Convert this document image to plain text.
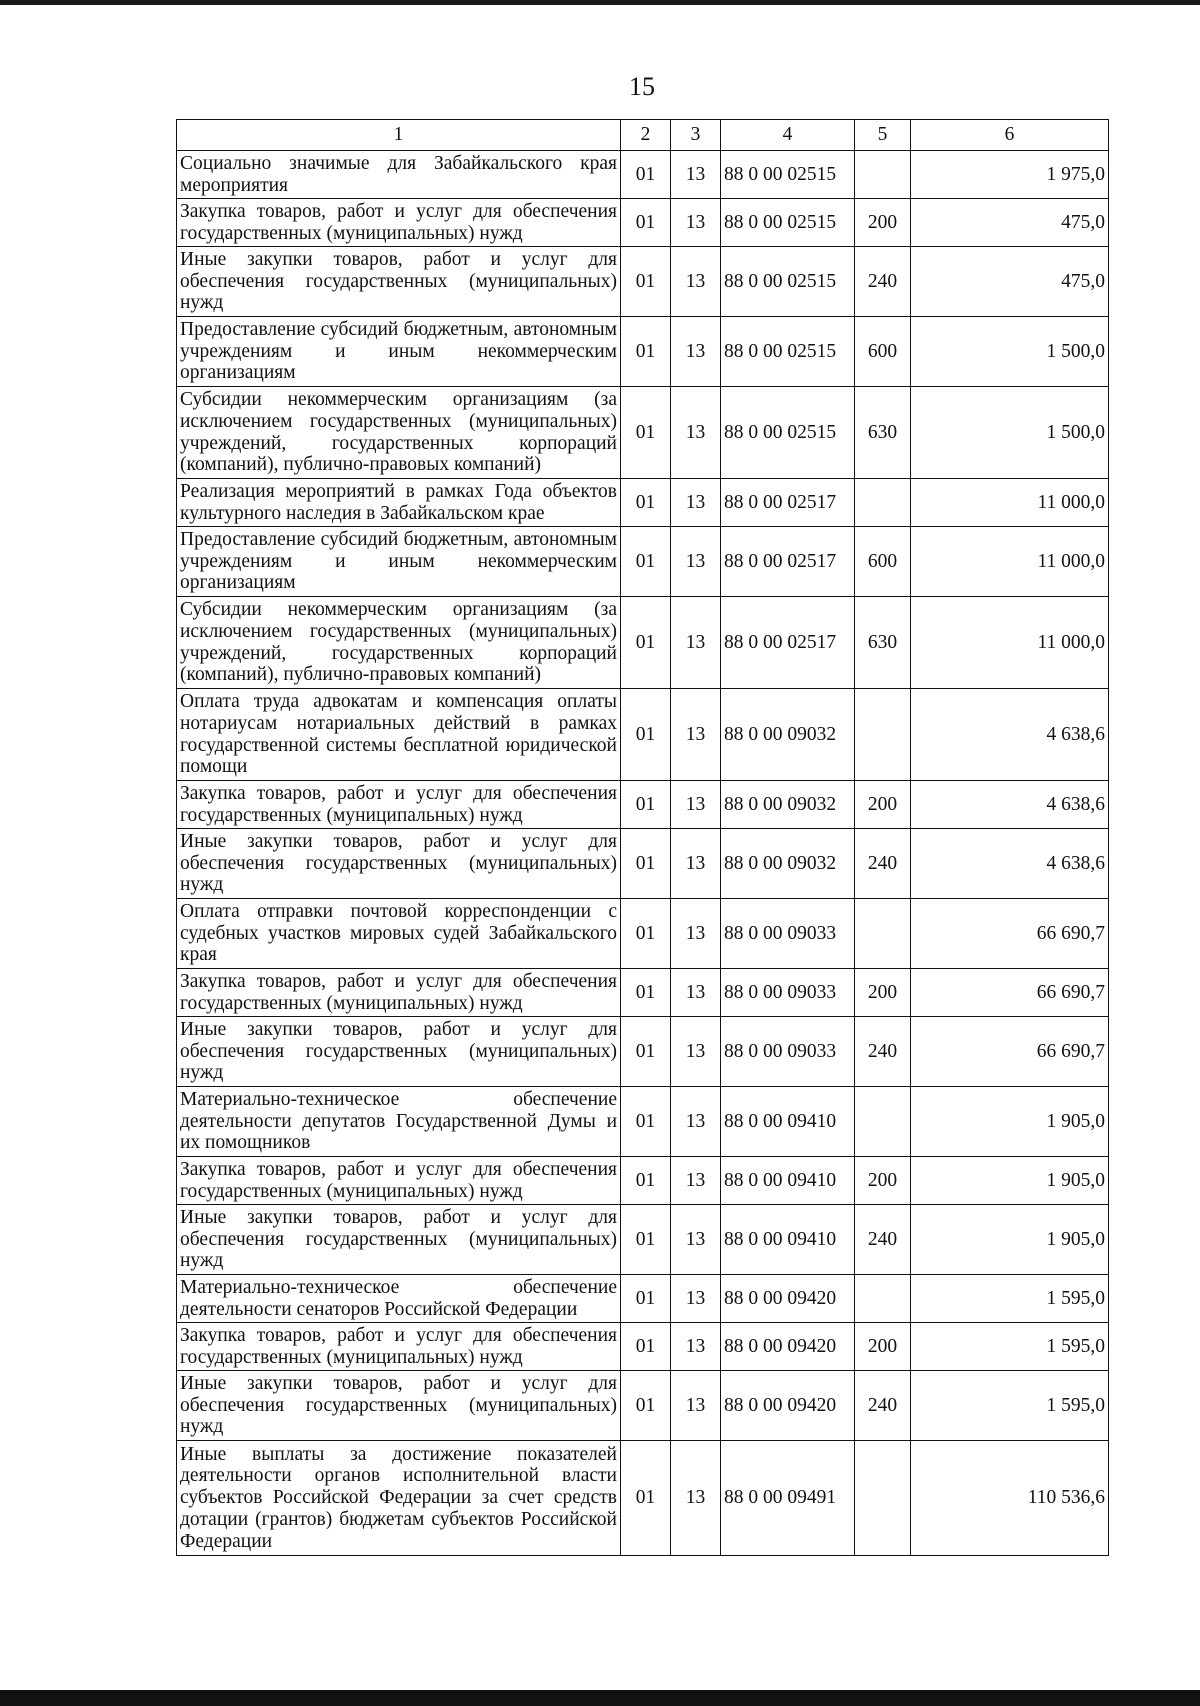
15
1	2	3	4	5	6
Социально значимые для Забайкальского края мероприятия	01	13	88 0 00 02515		1 975,0
Закупка товаров, работ и услуг для обеспечения государственных (муниципальных) нужд	01	13	88 0 00 02515	200	475,0
Иные закупки товаров, работ и услуг для обеспечения государственных (муниципальных) нужд	01	13	88 0 00 02515	240	475,0
Предоставление субсидий бюджетным, автономным учреждениям и иным некоммерческим организациям	01	13	88 0 00 02515	600	1 500,0
Субсидии некоммерческим организациям (за исключением государственных (муниципальных) учреждений, государственных корпораций (компаний), публично-правовых компаний)	01	13	88 0 00 02515	630	1 500,0
Реализация мероприятий в рамках Года объектов культурного наследия в Забайкальском крае	01	13	88 0 00 02517		11 000,0
Предоставление субсидий бюджетным, автономным учреждениям и иным некоммерческим организациям	01	13	88 0 00 02517	600	11 000,0
Субсидии некоммерческим организациям (за исключением государственных (муниципальных) учреждений, государственных корпораций (компаний), публично-правовых компаний)	01	13	88 0 00 02517	630	11 000,0
Оплата труда адвокатам и компенсация оплаты нотариусам нотариальных действий в рамках государственной системы бесплатной юридической помощи	01	13	88 0 00 09032		4 638,6
Закупка товаров, работ и услуг для обеспечения государственных (муниципальных) нужд	01	13	88 0 00 09032	200	4 638,6
Иные закупки товаров, работ и услуг для обеспечения государственных (муниципальных) нужд	01	13	88 0 00 09032	240	4 638,6
Оплата отправки почтовой корреспонденции с судебных участков мировых судей Забайкальского края	01	13	88 0 00 09033		66 690,7
Закупка товаров, работ и услуг для обеспечения государственных (муниципальных) нужд	01	13	88 0 00 09033	200	66 690,7
Иные закупки товаров, работ и услуг для обеспечения государственных (муниципальных) нужд	01	13	88 0 00 09033	240	66 690,7
Материально-техническое обеспечение деятельности депутатов Государственной Думы и их помощников	01	13	88 0 00 09410		1 905,0
Закупка товаров, работ и услуг для обеспечения государственных (муниципальных) нужд	01	13	88 0 00 09410	200	1 905,0
Иные закупки товаров, работ и услуг для обеспечения государственных (муниципальных) нужд	01	13	88 0 00 09410	240	1 905,0
Материально-техническое обеспечение деятельности сенаторов Российской Федерации	01	13	88 0 00 09420		1 595,0
Закупка товаров, работ и услуг для обеспечения государственных (муниципальных) нужд	01	13	88 0 00 09420	200	1 595,0
Иные закупки товаров, работ и услуг для обеспечения государственных (муниципальных) нужд	01	13	88 0 00 09420	240	1 595,0
Иные выплаты за достижение показателей деятельности органов исполнительной власти субъектов Российской Федерации за счет средств дотации (грантов) бюджетам субъектов Российской Федерации	01	13	88 0 00 09491		110 536,6
